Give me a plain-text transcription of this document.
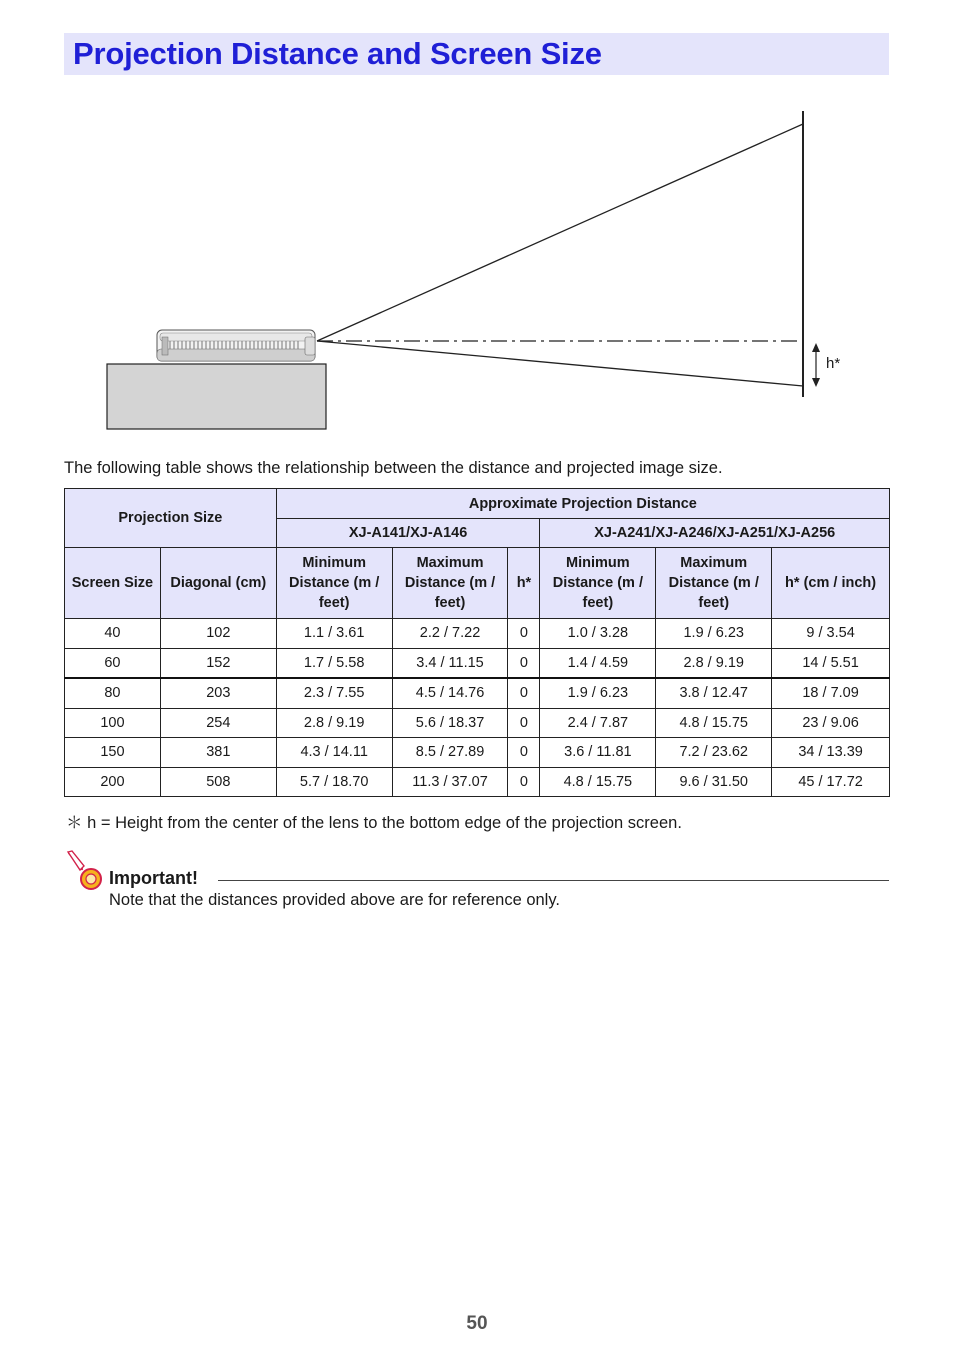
Projection Distance and Screen Size
h*
The following table shows the relationship between the distance and projected image size.
Projection Size		Approximate Projection Distance					
		XJ-A141/XJ-A146			XJ-A241/XJ-A246/XJ-A251/XJ-A256		
Screen Size	Diagonal (cm)	Minimum Distance (m / feet)	Maximum Distance (m / feet)	h*	Minimum Distance (m / feet)	Maximum Distance (m / feet)	h* (cm / inch)
40	102	1.1 / 3.61	2.2 / 7.22	0	1.0 / 3.28	1.9 / 6.23	9 / 3.54
60	152	1.7 / 5.58	3.4 / 11.15	0	1.4 / 4.59	2.8 / 9.19	14 / 5.51
80	203	2.3 / 7.55	4.5 / 14.76	0	1.9 / 6.23	3.8 / 12.47	18 / 7.09
100	254	2.8 / 9.19	5.6 / 18.37	0	2.4 / 7.87	4.8 / 15.75	23 / 9.06
150	381	4.3 / 14.11	8.5 / 27.89	0	3.6 / 11.81	7.2 / 23.62	34 / 13.39
200	508	5.7 / 18.70	11.3 / 37.07	0	4.8 / 15.75	9.6 / 31.50	45 / 17.72
＊ h = Height from the center of the lens to the bottom edge of the projection screen.
Important!
Note that the distances provided above are for reference only.
50
